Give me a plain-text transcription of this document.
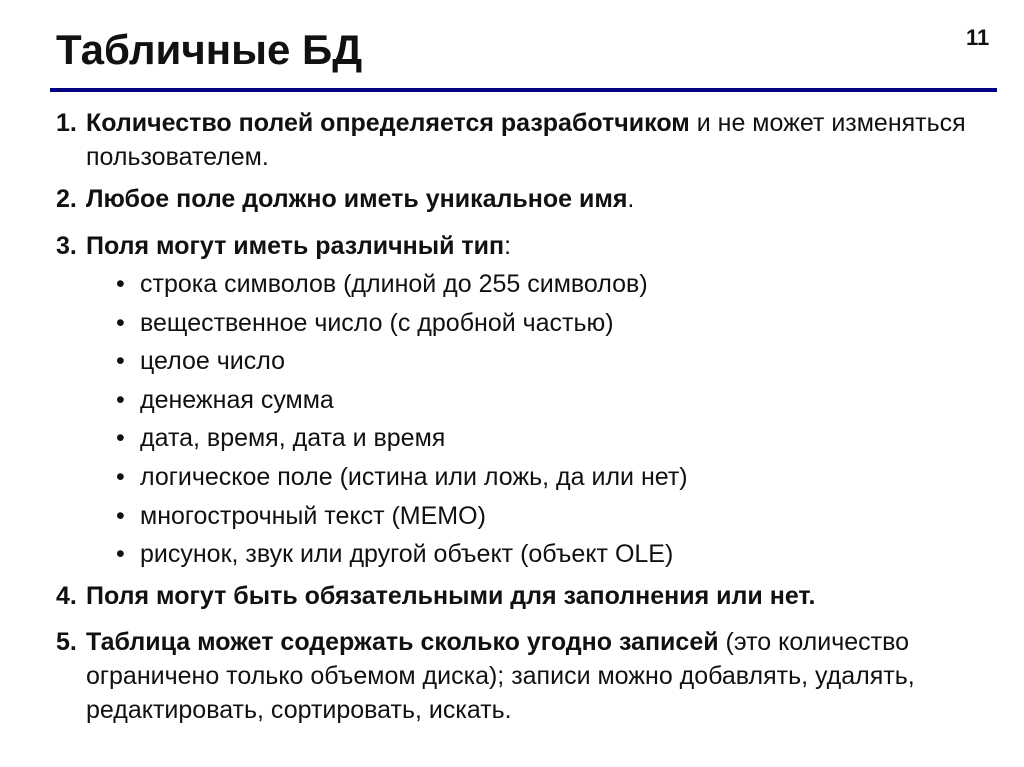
Табличные БД	11
1. Количество полей определяется разработчиком и не может изменяться пользователем.
2. Любое поле должно иметь уникальное имя.
3. Поля могут иметь различный тип:
• строка символов (длиной до 255 символов)
• вещественное число (с дробной частью)
• целое число
• денежная сумма
• дата, время, дата и время
• логическое поле (истина или ложь, да или нет)
• многострочный текст (МЕМО)
• рисунок, звук или другой объект (объект OLE)
4. Поля могут быть обязательными для заполнения или нет.
5. Таблица может содержать сколько угодно записей (это количество ограничено только объемом диска); записи можно добавлять, удалять, редактировать, сортировать, искать.
